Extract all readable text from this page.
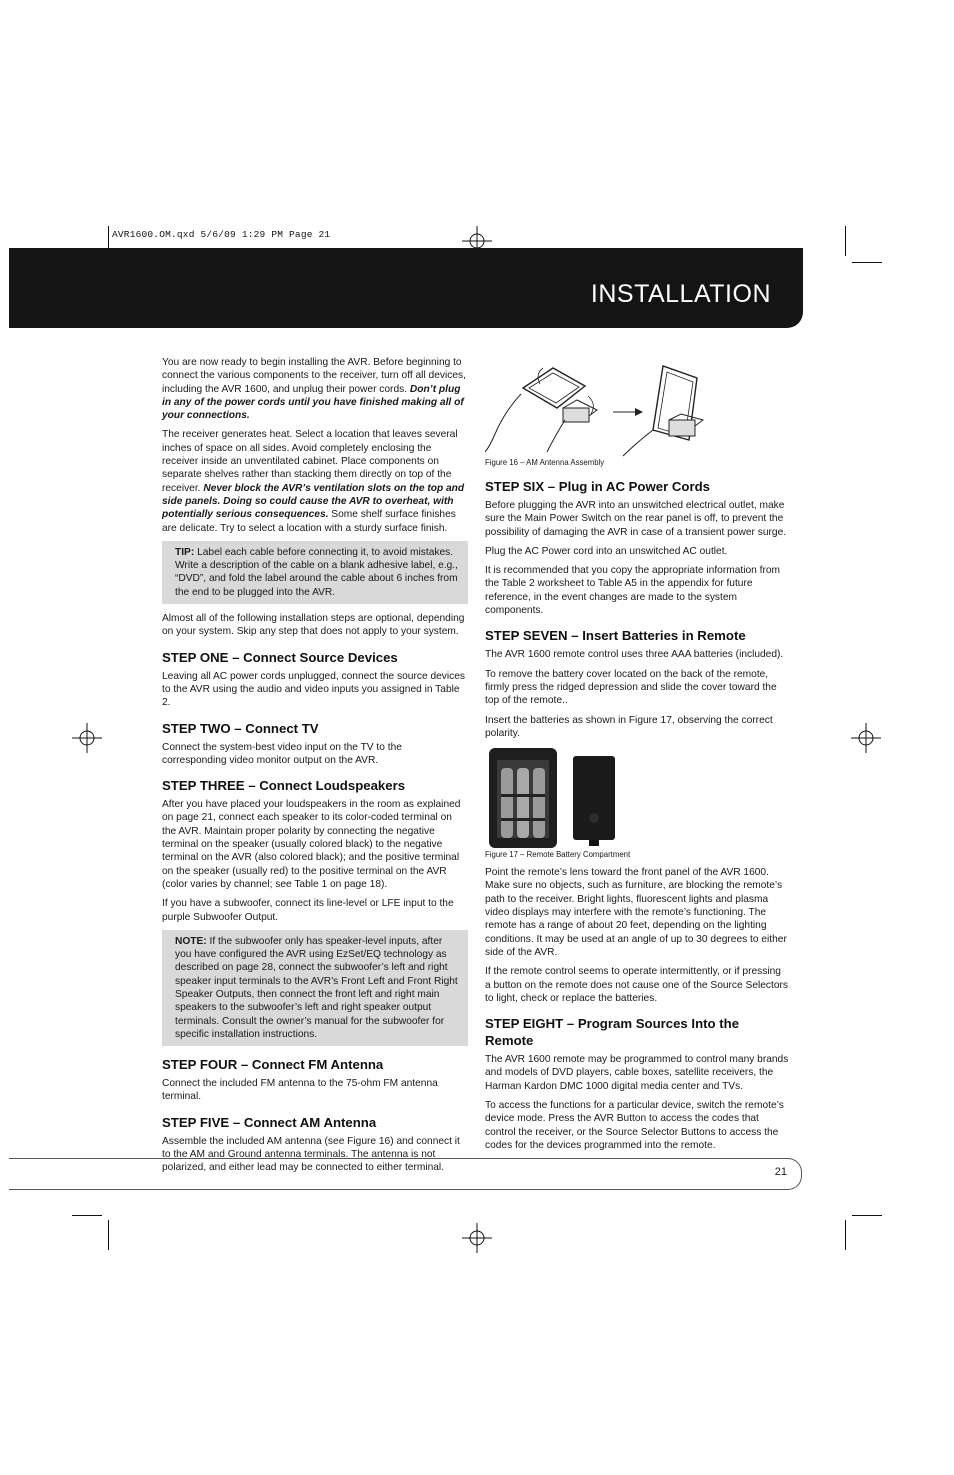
AVR1600.OM.qxd 5/6/09 1:29 PM Page 21
INSTALLATION

You are now ready to begin installing the AVR. Before beginning to connect the various components to the receiver, turn off all devices, including the AVR 1600, and unplug their power cords. Don’t plug in any of the power cords until you have finished making all of your connections.

The receiver generates heat. Select a location that leaves several inches of space on all sides. Avoid completely enclosing the receiver inside an unventilated cabinet. Place components on separate shelves rather than stacking them directly on top of the receiver. Never block the AVR’s ventilation slots on the top and side panels. Doing so could cause the AVR to overheat, with potentially serious consequences. Some shelf surface finishes are delicate. Try to select a location with a sturdy surface finish.

TIP: Label each cable before connecting it, to avoid mistakes. Write a description of the cable on a blank adhesive label, e.g., “DVD”, and fold the label around the cable about 6 inches from the end to be plugged into the AVR.

Almost all of the following installation steps are optional, depending on your system. Skip any step that does not apply to your system.

STEP ONE – Connect Source Devices

Leaving all AC power cords unplugged, connect the source devices to the AVR using the audio and video inputs you assigned in Table 2.

STEP TWO – Connect TV

Connect the system-best video input on the TV to the corresponding video monitor output on the AVR.

STEP THREE – Connect Loudspeakers

After you have placed your loudspeakers in the room as explained on page 21, connect each speaker to its color-coded terminal on the AVR. Maintain proper polarity by connecting the negative terminal on the speaker (usually colored black) to the negative terminal on the AVR (also colored black); and the positive terminal on the speaker (usually red) to the positive terminal on the AVR (color varies by channel; see Table 1 on page 18).

If you have a subwoofer, connect its line-level or LFE input to the purple Subwoofer Output.

NOTE: If the subwoofer only has speaker-level inputs, after you have configured the AVR using EzSet/EQ technology as described on page 28, connect the subwoofer’s left and right speaker input terminals to the AVR’s Front Left and Front Right Speaker Outputs, then connect the front left and right main speakers to the subwoofer’s left and right speaker output terminals. Consult the owner’s manual for the subwoofer for specific installation instructions.
STEP FOUR – Connect FM Antenna

Connect the included FM antenna to the 75-ohm FM antenna terminal.

STEP FIVE – Connect AM Antenna

Assemble the included AM antenna (see Figure 16) and connect it to the AM and Ground antenna terminals. The antenna is not polarized, and either lead may be connected to either terminal.

Figure 16 – AM Antenna Assembly

STEP SIX – Plug in AC Power Cords

Before plugging the AVR into an unswitched electrical outlet, make sure the Main Power Switch on the rear panel is off, to prevent the possibility of damaging the AVR in case of a transient power surge.

Plug the AC Power cord into an unswitched AC outlet.

It is recommended that you copy the appropriate information from the Table 2 worksheet to Table A5 in the appendix for future reference, in the event changes are made to the system components.

STEP SEVEN – Insert Batteries in Remote

The AVR 1600 remote control uses three AAA batteries (included).

To remove the battery cover located on the back of the remote, firmly press the ridged depression and slide the cover toward the top of the remote..

Insert the batteries as shown in Figure 17, observing the correct polarity.

Figure 17 – Remote Battery Compartment

Point the remote’s lens toward the front panel of the AVR 1600. Make sure no objects, such as furniture, are blocking the remote’s path to the receiver. Bright lights, fluorescent lights and plasma video displays may interfere with the remote’s functioning. The remote has a range of about 20 feet, depending on the lighting conditions. It may be used at an angle of up to 30 degrees to either side of the AVR.

If the remote control seems to operate intermittently, or if pressing a button on the remote does not cause one of the Source Selectors to light, check or replace the batteries.

STEP EIGHT – Program Sources Into the Remote

The AVR 1600 remote may be programmed to control many brands and models of DVD players, cable boxes, satellite receivers, the Harman Kardon DMC 1000 digital media center and TVs.

To access the functions for a particular device, switch the remote’s device mode. Press the AVR Button to access the codes that control the receiver, or the Source Selector Buttons to access the codes for the devices programmed into the remote.

21
